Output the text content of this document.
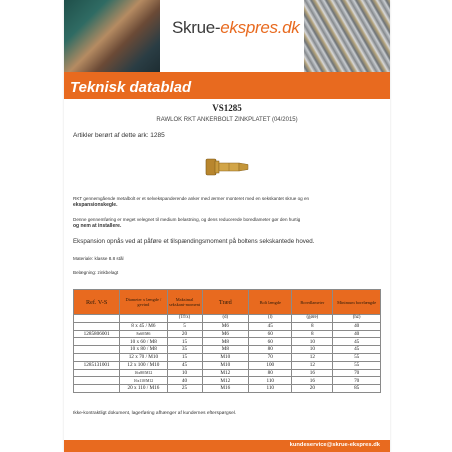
Skrue-ekspres.dk
Teknisk datablad
VS1285
RAWLOK RKT ANKERBOLT ZINKPLATET (04/2015)
Artikler berørt af dette ark: 1285
RKT gennemgående metalbolt er et selvekspanderende anker med ærmer monteret med en sekskantet skrue og en
ekspansionskegle.
Denne gennemføring er meget velegnet til medium belastning, og dens reducerede boredlameter gør den hurtig
og nem at installere.
Ekspansion opnås ved at påføre et tilspændingsmoment på boltens sekskantede hoved.
Materiale: klasse 8.8 stål
Belægning: zinkbelagt
Ref. V-S	Diameter x længde / gevind	Maksimal sekskant-moment	Træd	Bolt længde	Boredlameter	Minimum borelængde
		(Tf/x)	(d)	(l)	(gøre)	(hz)
	8 x 45 / M6	5	M6	45	8	40
1285806001	8x60/M6	20	M6	60	8	40
	10 x 60 / M8	15	M8	60	10	45
	10 x 80 / M8	35	M8	80	10	45
	12 x 70 / M10	15	M10	70	12	55
1285131001	12 x 100 / M10	45	M10	100	12	55
	16x80/M12	10	M12	80	16	70
	16x110/M12	40	M12	110	16	70
	20 x 110 / M16	25	M16	110	20	85
Ikke-kontraktligt dokument, lagerføring afhænger af kundernes efterspørgsel.
kundeservice@skrue-ekspres.dk
